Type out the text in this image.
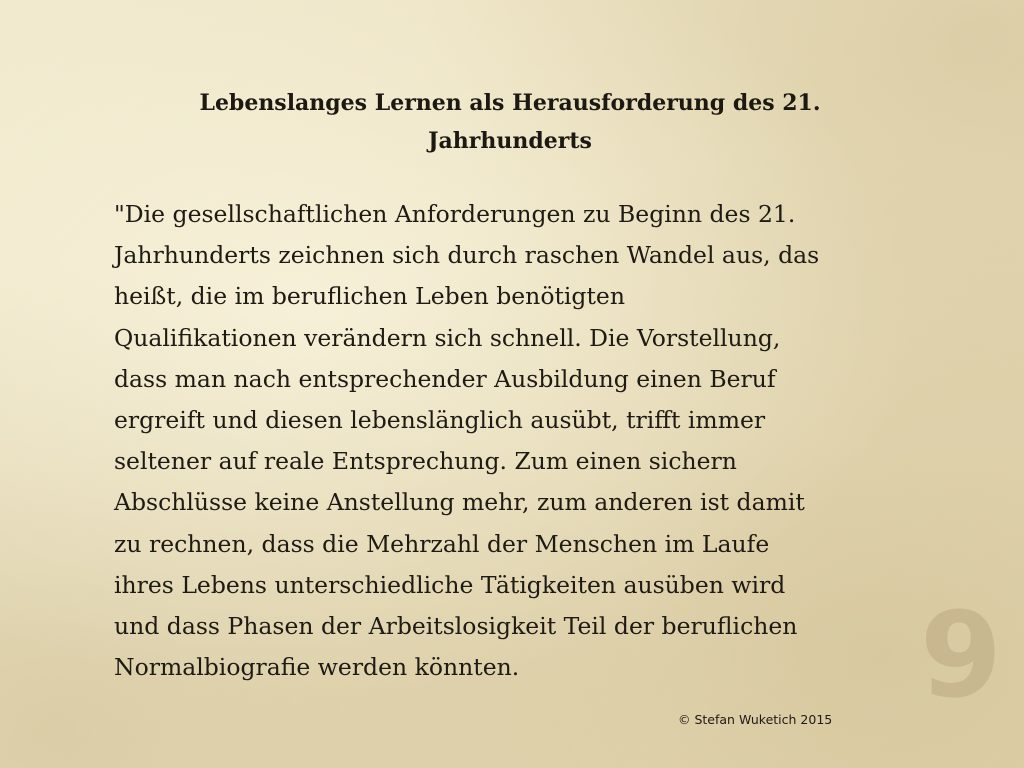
Lebenslanges Lernen als Herausforderung des 21. Jahrhunderts
"Die gesellschaftlichen Anforderungen zu Beginn des 21.
Jahrhunderts zeichnen sich durch raschen Wandel aus, das
heißt, die im beruflichen Leben benötigten
Qualifikationen verändern sich schnell. Die Vorstellung,
dass man nach entsprechender Ausbildung einen Beruf
ergreift und diesen lebenslänglich ausübt, trifft immer
seltener auf reale Entsprechung. Zum einen sichern
Abschlüsse keine Anstellung mehr, zum anderen ist damit
zu rechnen, dass die Mehrzahl der Menschen im Laufe
ihres Lebens unterschiedliche Tätigkeiten ausüben wird
und dass Phasen der Arbeitslosigkeit Teil der beruflichen
Normalbiografie werden könnten.	9
© Stefan Wuketich 2015
